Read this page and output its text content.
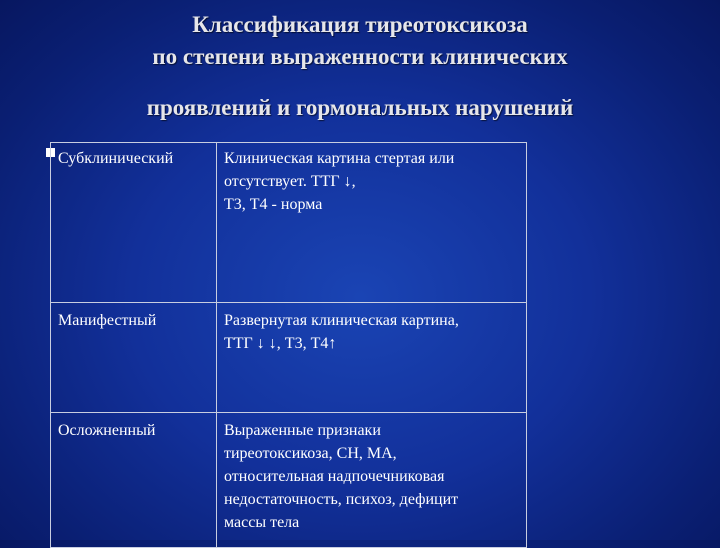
Классификация тиреотоксикоза
по степени выраженности клинических
проявлений и гормональных нарушений
Субклинический	Клиническая картина стертая или
отсутствует. ТТГ ↓,
Т3, Т4 - норма

Манифестный	Развернутая клиническая картина,
ТТГ ↓ ↓, Т3, Т4↑

Осложненный	Выраженные признаки
тиреотоксикоза, СН, МА,
относительная надпочечниковая
недостаточность, психоз, дефицит
массы тела
